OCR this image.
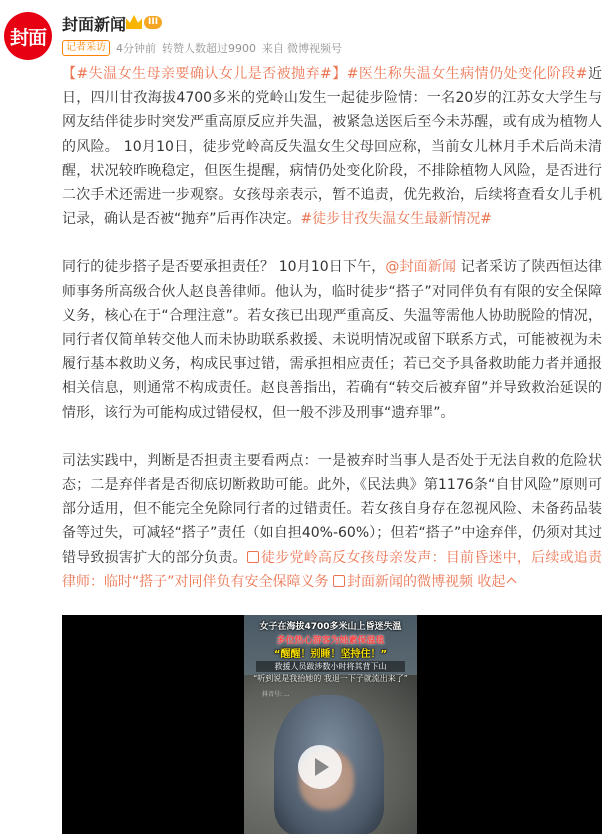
封面
封面新闻	III
记者采访 4分钟前 转赞人数超过9900 来自 微博视频号

【#失温女生母亲要确认女儿是否被抛弃#】#医生称失温女生病情仍处变化阶段#近日，四川甘孜海拔4700多米的党岭山发生一起徒步险情：一名20岁的江苏女大学生与网友结伴徒步时突发严重高原反应并失温，被紧急送医后至今未苏醒，或有成为植物人的风险。 10月10日，徒步党岭高反失温女生父母回应称，当前女儿林月手术后尚未清醒，状况较昨晚稳定，但医生提醒，病情仍处变化阶段，不排除植物人风险，是否进行二次手术还需进一步观察。女孩母亲表示，暂不追责，优先救治，后续将查看女儿手机记录，确认是否被“抛弃”后再作决定。#徒步甘孜失温女生最新情况#

同行的徒步搭子是否要承担责任？ 10月10日下午，@封面新闻 记者采访了陕西恒达律师事务所高级合伙人赵良善律师。他认为，临时徒步“搭子”对同伴负有有限的安全保障义务，核心在于“合理注意”。若女孩已出现严重高反、失温等需他人协助脱险的情况，同行者仅简单转交他人而未协助联系救援、未说明情况或留下联系方式，可能被视为未履行基本救助义务，构成民事过错，需承担相应责任；若已交予具备救助能力者并通报相关信息，则通常不构成责任。赵良善指出，若确有“转交后被弃留”并导致救治延误的情形，该行为可能构成过错侵权，但一般不涉及刑事“遗弃罪”。

司法实践中，判断是否担责主要看两点：一是被弃时当事人是否处于无法自救的危险状态；二是弃伴者是否彻底切断救助可能。此外，《民法典》第1176条“自甘风险”原则可部分适用，但不能完全免除同行者的过错责任。若女孩自身存在忽视风险、未备药品装备等过失，可减轻“搭子”责任（如自担40%-60%）；但若“搭子”中途弃伴，仍须对其过错导致损害扩大的部分负责。 徒步党岭高反女孩母亲发声：目前昏迷中，后续或追责律师：临时“搭子”对同伴负有安全保障义务 封面新闻的微博视频 收起

女子在海拔4700多米山上昏迷失温
多位热心游客为她素保温毯
“醒醒！别睡！坚持住！”
救援人员跋涉数小时将其背下山
“听到说是我抬她的 我退一下子就流出来了”
抖音号: ...
